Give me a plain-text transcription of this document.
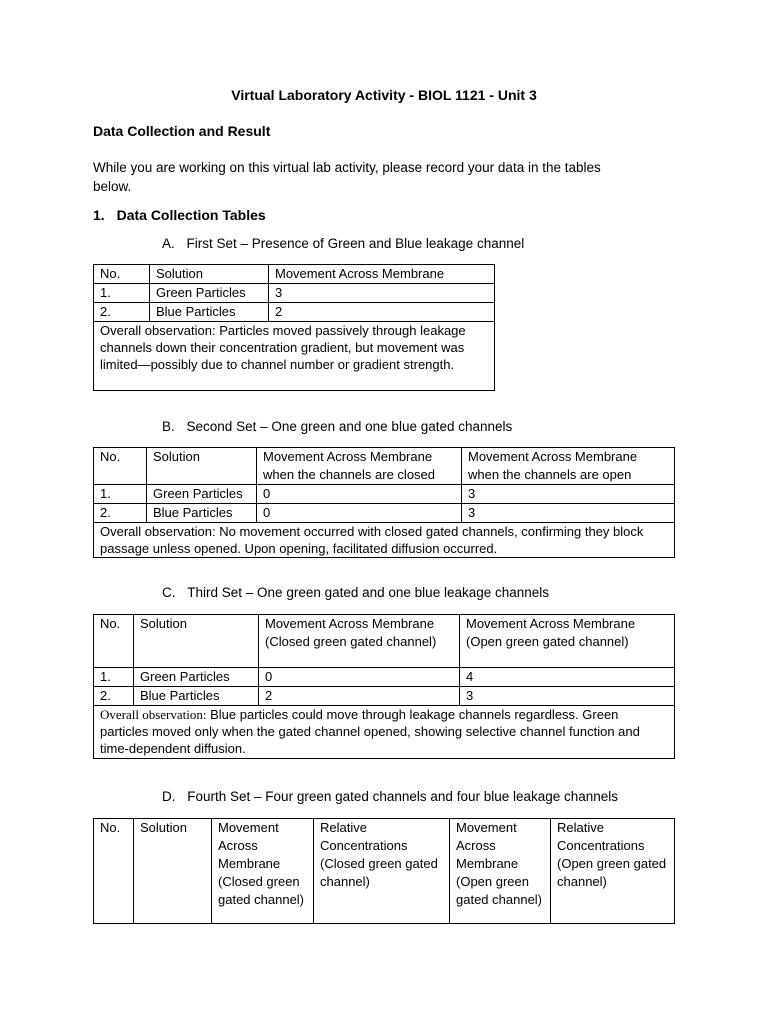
Virtual Laboratory Activity - BIOL 1121 - Unit 3
Data Collection and Result
While you are working on this virtual lab activity, please record your data in the tables
below.
1. Data Collection Tables
A. First Set – Presence of Green and Blue leakage channel
No.	Solution	Movement Across Membrane
1.	Green Particles	3
2.	Blue Particles	2
Overall observation: Particles moved passively through leakage channels down their concentration gradient, but movement was limited—possibly due to channel number or gradient strength.		
B. Second Set – One green and one blue gated channels
No.	Solution	Movement Across Membrane when the channels are closed	Movement Across Membrane when the channels are open
1.	Green Particles	0	3
2.	Blue Particles	0	3
Overall observation: No movement occurred with closed gated channels, confirming they block passage unless opened. Upon opening, facilitated diffusion occurred.			
C. Third Set – One green gated and one blue leakage channels
No.	Solution	Movement Across Membrane (Closed green gated channel)	Movement Across Membrane (Open green gated channel)
1.	Green Particles	0	4
2.	Blue Particles	2	3
Overall observation: Blue particles could move through leakage channels regardless. Green particles moved only when the gated channel opened, showing selective channel function and time-dependent diffusion.			
D. Fourth Set – Four green gated channels and four blue leakage channels
No.	Solution	Movement Across Membrane (Closed green gated channel)	Relative Concentrations (Closed green gated channel)	Movement Across Membrane (Open green gated channel)	Relative Concentrations (Open green gated channel)
